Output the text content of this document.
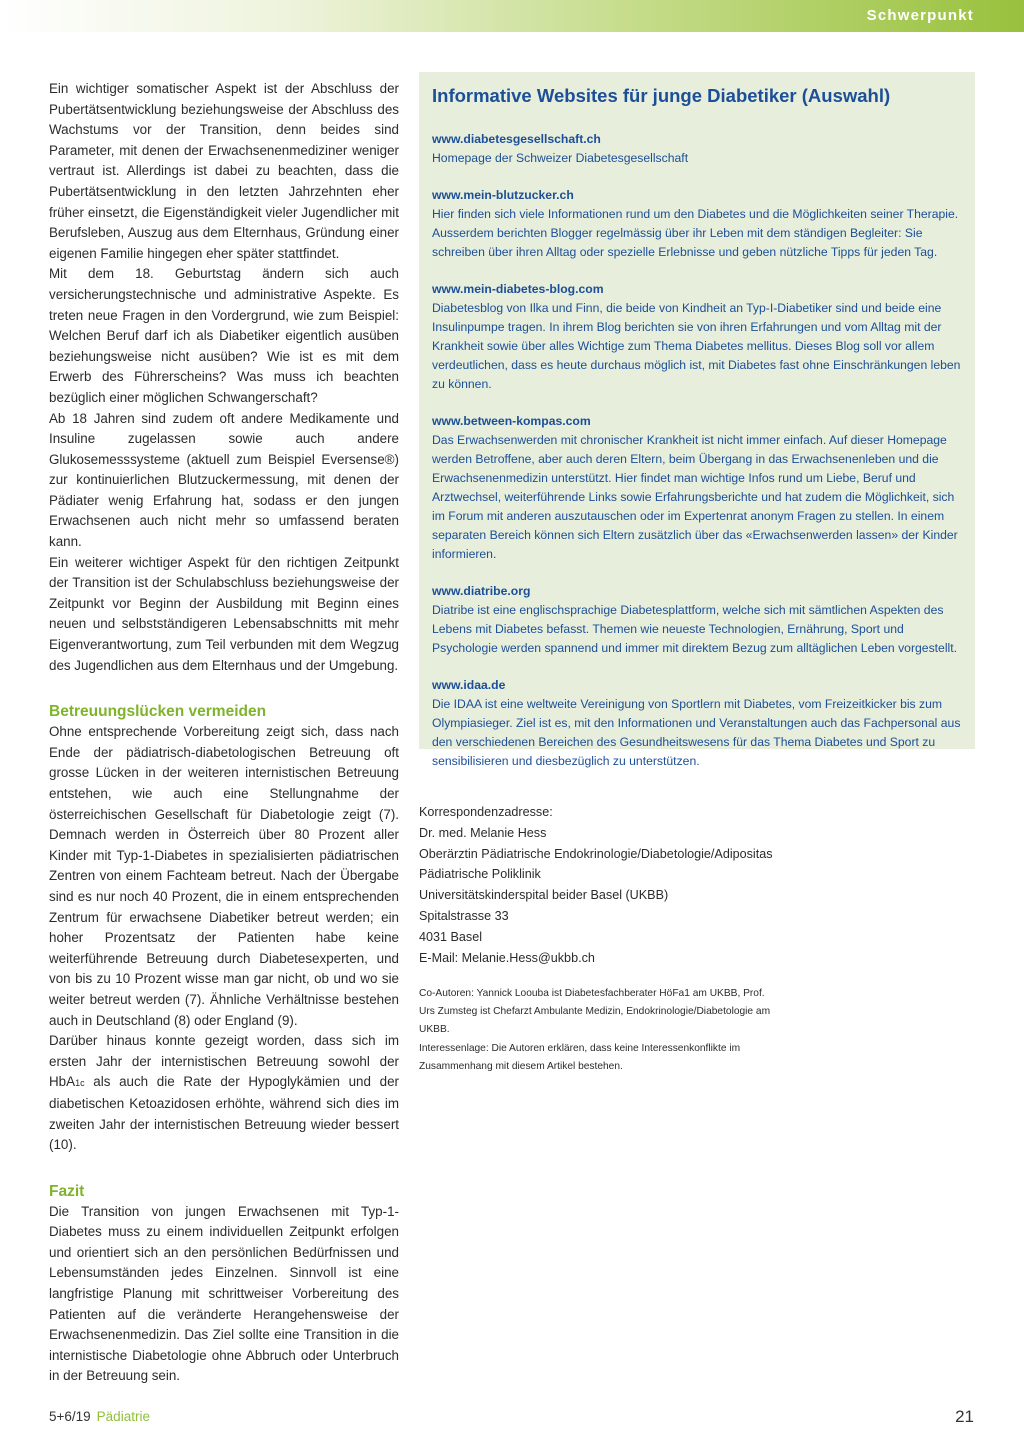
Schwerpunkt

Ein wichtiger somatischer Aspekt ist der Abschluss der Pubertätsentwicklung beziehungsweise der Abschluss des Wachstums vor der Transition, denn beides sind Parameter, mit denen der Erwachsenenmediziner weniger vertraut ist. Allerdings ist dabei zu beachten, dass die Pubertätsentwicklung in den letzten Jahrzehnten eher früher einsetzt, die Eigenständigkeit vieler Jugendlicher mit Berufsleben, Auszug aus dem Elternhaus, Gründung einer eigenen Familie hingegen eher später stattfindet.

Mit dem 18. Geburtstag ändern sich auch versicherungstechnische und administrative Aspekte. Es treten neue Fragen in den Vordergrund, wie zum Beispiel: Welchen Beruf darf ich als Diabetiker eigentlich ausüben beziehungsweise nicht ausüben? Wie ist es mit dem Erwerb des Führerscheins? Was muss ich beachten bezüglich einer möglichen Schwangerschaft?

Ab 18 Jahren sind zudem oft andere Medikamente und Insuline zugelassen sowie auch andere Glukosemesssysteme (aktuell zum Beispiel Eversense®) zur kontinuierlichen Blutzuckermessung, mit denen der Pädiater wenig Erfahrung hat, sodass er den jungen Erwachsenen auch nicht mehr so umfassend beraten kann.

Ein weiterer wichtiger Aspekt für den richtigen Zeitpunkt der Transition ist der Schulabschluss beziehungsweise der Zeitpunkt vor Beginn der Ausbildung mit Beginn eines neuen und selbstständigeren Lebensabschnitts mit mehr Eigenverantwortung, zum Teil verbunden mit dem Wegzug des Jugendlichen aus dem Elternhaus und der Umgebung.

Betreuungslücken vermeiden

Ohne entsprechende Vorbereitung zeigt sich, dass nach Ende der pädiatrisch-diabetologischen Betreuung oft grosse Lücken in der weiteren internistischen Betreuung entstehen, wie auch eine Stellungnahme der österreichischen Gesellschaft für Diabetologie zeigt (7). Demnach werden in Österreich über 80 Prozent aller Kinder mit Typ-1-Diabetes in spezialisierten pädiatrischen Zentren von einem Fachteam betreut. Nach der Übergabe sind es nur noch 40 Prozent, die in einem entsprechenden Zentrum für erwachsene Diabetiker betreut werden; ein hoher Prozentsatz der Patienten habe keine weiterführende Betreuung durch Diabetesexperten, und von bis zu 10 Prozent wisse man gar nicht, ob und wo sie weiter betreut werden (7). Ähnliche Verhältnisse bestehen auch in Deutschland (8) oder England (9).

Darüber hinaus konnte gezeigt worden, dass sich im ersten Jahr der internistischen Betreuung sowohl der HbA1c als auch die Rate der Hypoglykämien und der diabetischen Ketoazidosen erhöhte, während sich dies im zweiten Jahr der internistischen Betreuung wieder bessert (10).

Fazit

Die Transition von jungen Erwachsenen mit Typ-1-Diabetes muss zu einem individuellen Zeitpunkt erfolgen und orientiert sich an den persönlichen Bedürfnissen und Lebensumständen jedes Einzelnen. Sinnvoll ist eine langfristige Planung mit schrittweiser Vorbereitung des Patienten auf die veränderte Herangehensweise der Erwachsenenmedizin. Das Ziel sollte eine Transition in die internistische Diabetologie ohne Abbruch oder Unterbruch in der Betreuung sein.

Informative Websites für junge Diabetiker (Auswahl)
www.diabetesgesellschaft.ch

Homepage der Schweizer Diabetesgesellschaft

www.mein-blutzucker.ch

Hier finden sich viele Informationen rund um den Diabetes und die Möglichkeiten seiner Therapie. Ausserdem berichten Blogger regelmässig über ihr Leben mit dem ständigen Begleiter: Sie schreiben über ihren Alltag oder spezielle Erlebnisse und geben nützliche Tipps für jeden Tag.

www.mein-diabetes-blog.com

Diabetesblog von Ilka und Finn, die beide von Kindheit an Typ-I-Diabetiker sind und beide eine Insulinpumpe tragen. In ihrem Blog berichten sie von ihren Erfahrungen und vom Alltag mit der Krankheit sowie über alles Wichtige zum Thema Diabetes mellitus. Dieses Blog soll vor allem verdeutlichen, dass es heute durchaus möglich ist, mit Diabetes fast ohne Einschränkungen leben zu können.

www.between-kompas.com

Das Erwachsenwerden mit chronischer Krankheit ist nicht immer einfach. Auf dieser Homepage werden Betroffene, aber auch deren Eltern, beim Übergang in das Erwachsenenleben und die Erwachsenenmedizin unterstützt. Hier findet man wichtige Infos rund um Liebe, Beruf und Arztwechsel, weiterführende Links sowie Erfahrungsberichte und hat zudem die Möglichkeit, sich im Forum mit anderen auszutauschen oder im Expertenrat anonym Fragen zu stellen. In einem separaten Bereich können sich Eltern zusätzlich über das «Erwachsenwerden lassen» der Kinder informieren.

www.diatribe.org

Diatribe ist eine englischsprachige Diabetesplattform, welche sich mit sämtlichen Aspekten des Lebens mit Diabetes befasst. Themen wie neueste Technologien, Ernährung, Sport und Psychologie werden spannend und immer mit direktem Bezug zum alltäglichen Leben vorgestellt.

www.idaa.de

Die IDAA ist eine weltweite Vereinigung von Sportlern mit Diabetes, vom Freizeitkicker bis zum Olympiasieger. Ziel ist es, mit den Informationen und Veranstaltungen auch das Fachpersonal aus den verschiedenen Bereichen des Gesundheitswesens für das Thema Diabetes und Sport zu sensibilisieren und diesbezüglich zu unterstützen.

Korrespondenzadresse:
Dr. med. Melanie Hess
Oberärztin Pädiatrische Endokrinologie/Diabetologie/Adipositas
Pädiatrische Poliklinik
Universitätskinderspital beider Basel (UKBB)
Spitalstrasse 33
4031 Basel
E-Mail: Melanie.Hess@ukbb.ch
Co-Autoren: Yannick Loouba ist Diabetesfachberater HöFa1 am UKBB, Prof. Urs Zumsteg ist Chefarzt Ambulante Medizin, Endokrinologie/Diabetologie am UKBB.
Interessenlage: Die Autoren erklären, dass keine Interessenkonflikte im Zusammenhang mit diesem Artikel bestehen.
5+6/19 Pädiatrie	21
